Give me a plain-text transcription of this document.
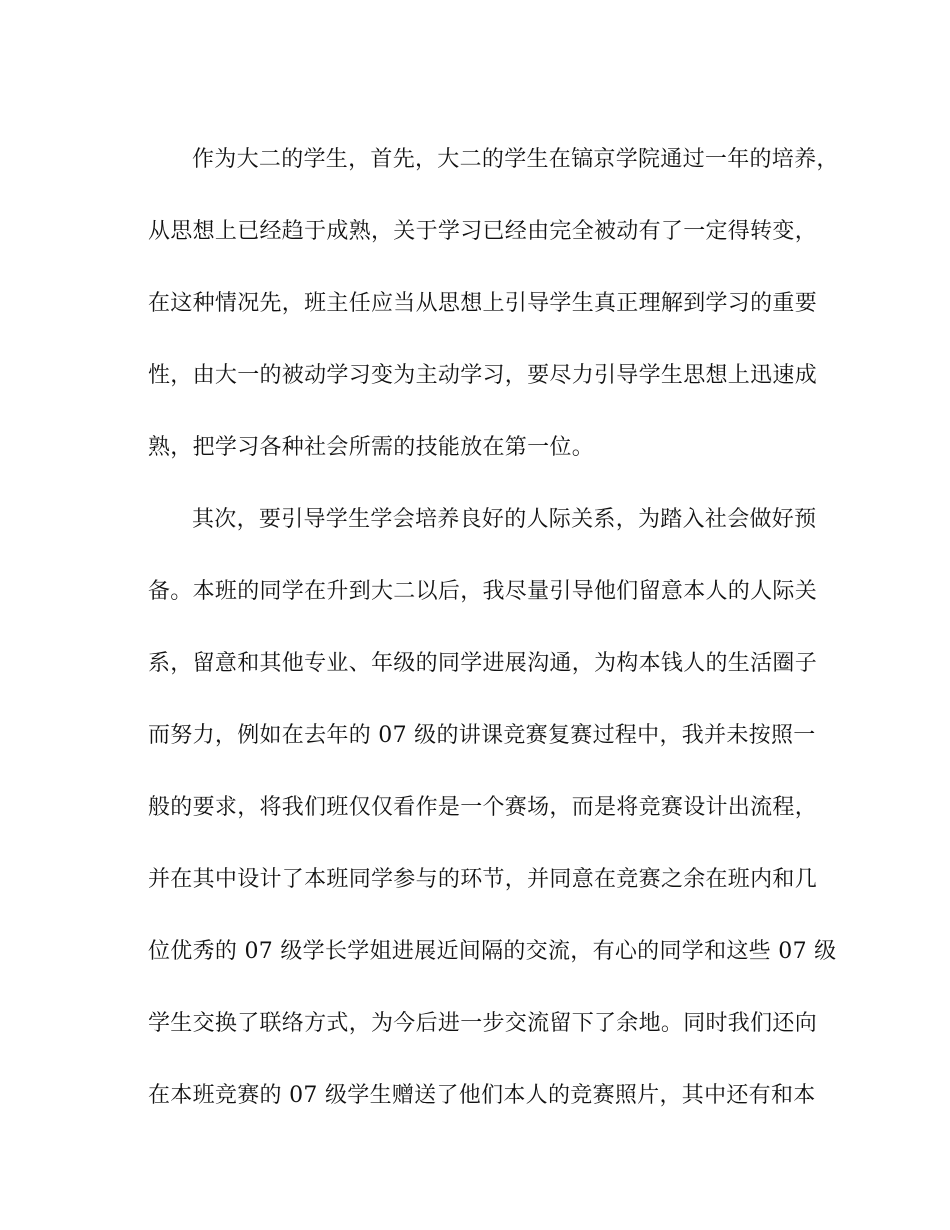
作为大二的学生，首先，大二的学生在镐京学院通过一年的培养，
从思想上已经趋于成熟，关于学习已经由完全被动有了一定得转变，
在这种情况先，班主任应当从思想上引导学生真正理解到学习的重要
性，由大一的被动学习变为主动学习，要尽力引导学生思想上迅速成
熟，把学习各种社会所需的技能放在第一位。
其次，要引导学生学会培养良好的人际关系，为踏入社会做好预
备。本班的同学在升到大二以后，我尽量引导他们留意本人的人际关
系，留意和其他专业、年级的同学进展沟通，为构本钱人的生活圈子
而努力，例如在去年的 07 级的讲课竞赛复赛过程中，我并未按照一
般的要求，将我们班仅仅看作是一个赛场，而是将竞赛设计出流程，
并在其中设计了本班同学参与的环节，并同意在竞赛之余在班内和几
位优秀的 07 级学长学姐进展近间隔的交流，有心的同学和这些 07 级
学生交换了联络方式，为今后进一步交流留下了余地。同时我们还向
在本班竞赛的 07 级学生赠送了他们本人的竞赛照片，其中还有和本
